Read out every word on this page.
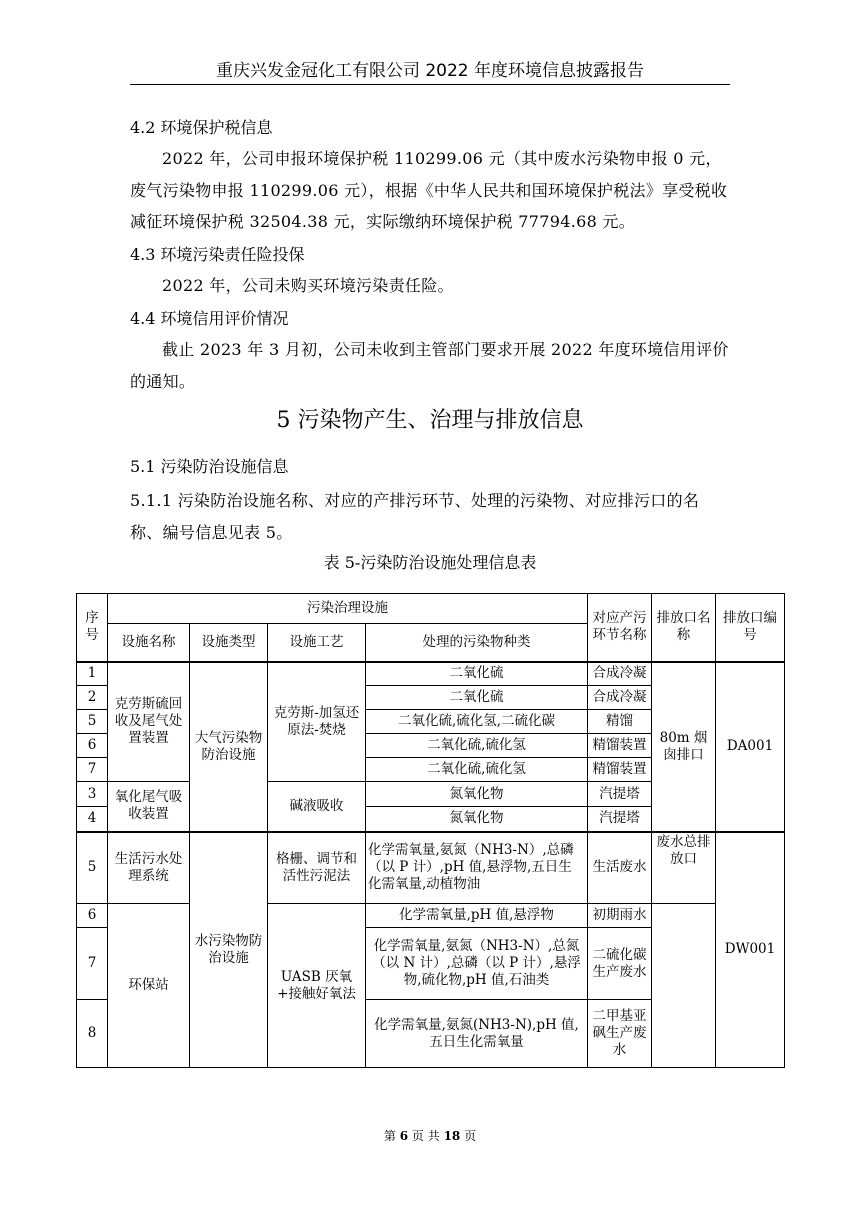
重庆兴发金冠化工有限公司 2022 年度环境信息披露报告
4.2 环境保护税信息
2022 年，公司申报环境保护税 110299.06 元（其中废水污染物申报 0 元，废气污染物申报 110299.06 元），根据《中华人民共和国环境保护税法》享受税收减征环境保护税 32504.38 元，实际缴纳环境保护税 77794.68 元。
4.3 环境污染责任险投保
2022 年，公司未购买环境污染责任险。
4.4 环境信用评价情况
截止 2023 年 3 月初，公司未收到主管部门要求开展 2022 年度环境信用评价的通知。
5 污染物产生、治理与排放信息
5.1 污染防治设施信息
5.1.1 污染防治设施名称、对应的产排污环节、处理的污染物、对应排污口的名称、编号信息见表 5。
表 5-污染防治设施处理信息表
序号	污染治理设施				对应产污环节名称	排放口名称	排放口编号
	设施名称	设施类型	设施工艺	处理的污染物种类			
1	克劳斯硫回收及尾气处置装置	大气污染物防治设施	克劳斯-加氢还原法-焚烧	二氧化硫	合成冷凝	80m 烟囱排口	DA001
2				二氧化硫	合成冷凝		
5				二氧化硫,硫化氢,二硫化碳	精馏		
6				二氧化硫,硫化氢	精馏装置		
7				二氧化硫,硫化氢	精馏装置		
3	氧化尾气吸收装置		碱液吸收	氮氧化物	汽提塔		
4				氮氧化物	汽提塔		
5	生活污水处理系统	水污染物防治设施	格栅、调节和活性污泥法	化学需氧量,氨氮（NH3-N）,总磷（以 P 计）,pH 值,悬浮物,五日生化需氧量,动植物油	生活废水	废水总排放口	DW001
6	环保站		UASB 厌氧+接触好氧法	化学需氧量,pH 值,悬浮物	初期雨水		
7				化学需氧量,氨氮（NH3-N）,总氮（以 N 计）,总磷（以 P 计）,悬浮物,硫化物,pH 值,石油类	二硫化碳生产废水		
8				化学需氧量,氨氮(NH3-N),pH 值,五日生化需氧量	二甲基亚砜生产废水		
第 6 页 共 18 页
